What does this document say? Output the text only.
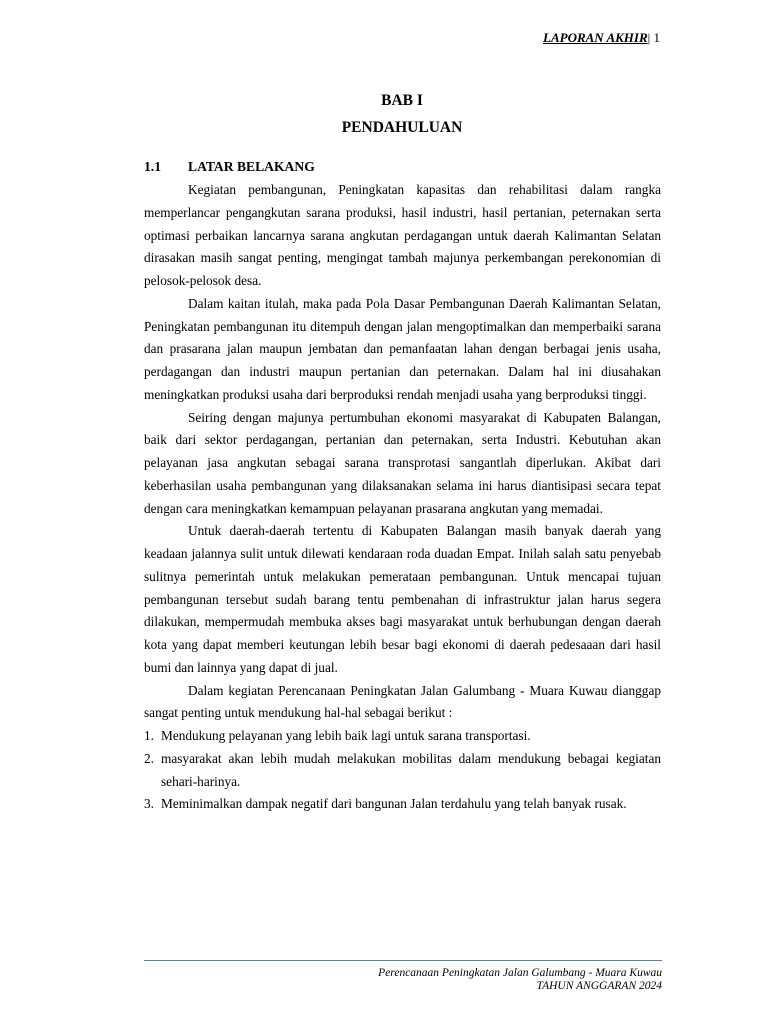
LAPORAN AKHIR| 1
BAB I
PENDAHULUAN
1.1 LATAR BELAKANG

Kegiatan pembangunan, Peningkatan kapasitas dan rehabilitasi dalam rangka memperlancar pengangkutan sarana produksi, hasil industri, hasil pertanian, peternakan serta optimasi perbaikan lancarnya sarana angkutan perdagangan untuk daerah Kalimantan Selatan dirasakan masih sangat penting, mengingat tambah majunya perkembangan perekonomian di pelosok-pelosok desa.

Dalam kaitan itulah, maka pada Pola Dasar Pembangunan Daerah Kalimantan Selatan, Peningkatan pembangunan itu ditempuh dengan jalan mengoptimalkan dan memperbaiki sarana dan prasarana jalan maupun jembatan dan pemanfaatan lahan dengan berbagai jenis usaha, perdagangan dan industri maupun pertanian dan peternakan. Dalam hal ini diusahakan meningkatkan produksi usaha dari berproduksi rendah menjadi usaha yang berproduksi tinggi.

Seiring dengan majunya pertumbuhan ekonomi masyarakat di Kabupaten Balangan, baik dari sektor perdagangan, pertanian dan peternakan, serta Industri. Kebutuhan akan pelayanan jasa angkutan sebagai sarana transprotasi sangantlah diperlukan. Akibat dari keberhasilan usaha pembangunan yang dilaksanakan selama ini harus diantisipasi secara tepat dengan cara meningkatkan kemampuan pelayanan prasarana angkutan yang memadai.

Untuk daerah-daerah tertentu di Kabupaten Balangan masih banyak daerah yang keadaan jalannya sulit untuk dilewati kendaraan roda duadan Empat. Inilah salah satu penyebab sulitnya pemerintah untuk melakukan pemerataan pembangunan. Untuk mencapai tujuan pembangunan tersebut sudah barang tentu pembenahan di infrastruktur jalan harus segera dilakukan, mempermudah membuka akses bagi masyarakat untuk berhubungan dengan daerah kota yang dapat memberi keutungan lebih besar bagi ekonomi di daerah pedesaaan dari hasil bumi dan lainnya yang dapat di jual.

Dalam kegiatan Perencanaan Peningkatan Jalan Galumbang - Muara Kuwau dianggap sangat penting untuk mendukung hal-hal sebagai berikut :

1. Mendukung pelayanan yang lebih baik lagi untuk sarana transportasi.
2. masyarakat akan lebih mudah melakukan mobilitas dalam mendukung bebagai kegiatan sehari-harinya.
3. Meminimalkan dampak negatif dari bangunan Jalan terdahulu yang telah banyak rusak.
Perencanaan Peningkatan Jalan Galumbang - Muara Kuwau
TAHUN ANGGARAN 2024
